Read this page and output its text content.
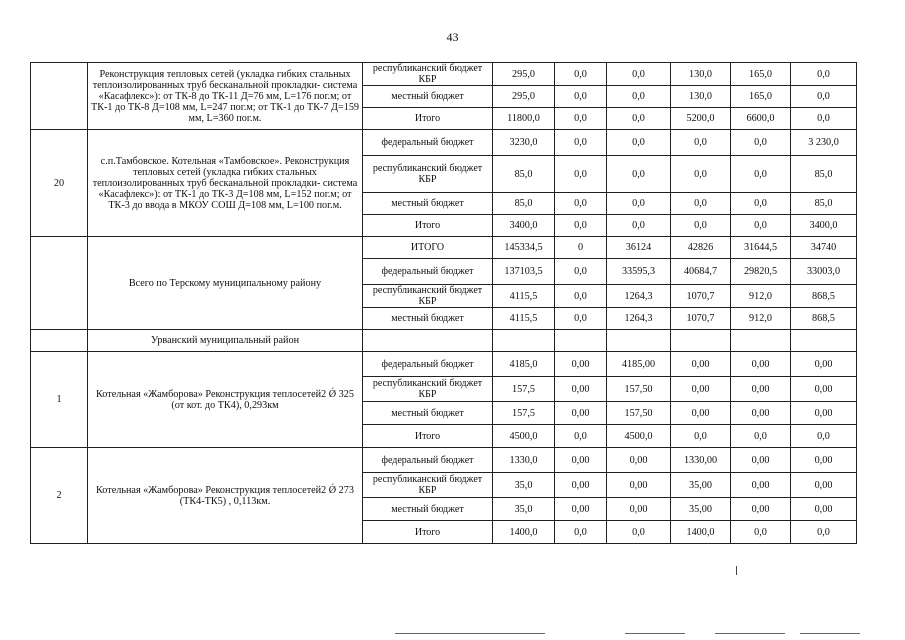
43
	Реконструкция тепловых сетей (укладка гибких стальных теплоизолированных труб бесканальной прокладки- система «Касафлекс»): от ТК-8 до ТК-11 Д=76 мм, L=176 пог.м; от ТК-1 до ТК-8 Д=108 мм, L=247 пог.м; от ТК-1 до ТК-7 Д=159 мм, L=360 пог.м.	республиканский бюджет КБР	295,0	0,0	0,0	130,0	165,0	0,0
		местный бюджет	295,0	0,0	0,0	130,0	165,0	0,0
		Итого	11800,0	0,0	0,0	5200,0	6600,0	0,0
20	с.п.Тамбовское. Котельная «Тамбовское». Реконструкция тепловых сетей (укладка гибких стальных теплоизолированных труб бесканальной прокладки- система «Касафлекс»): от ТК-1 до ТК-3 Д=108 мм, L=152 пог.м; от ТК-3 до ввода в МКОУ СОШ Д=108 мм, L=100 пог.м.	федеральный бюджет	3230,0	0,0	0,0	0,0	0,0	3 230,0
		республиканский бюджет КБР	85,0	0,0	0,0	0,0	0,0	85,0
		местный бюджет	85,0	0,0	0,0	0,0	0,0	85,0
		Итого	3400,0	0,0	0,0	0,0	0,0	3400,0
	Всего по Терскому муниципальному району	ИТОГО	145334,5	0	36124	42826	31644,5	34740
		федеральный бюджет	137103,5	0,0	33595,3	40684,7	29820,5	33003,0
		республиканский бюджет КБР	4115,5	0,0	1264,3	1070,7	912,0	868,5
		местный бюджет	4115,5	0,0	1264,3	1070,7	912,0	868,5
	Урванский муниципальный район							
1	Котельная «Жамборова» Реконструкция теплосетей2 Ǿ 325 (от кот. до ТК4), 0,293км	федеральный бюджет	4185,0	0,00	4185,00	0,00	0,00	0,00
		республиканский бюджет КБР	157,5	0,00	157,50	0,00	0,00	0,00
		местный бюджет	157,5	0,00	157,50	0,00	0,00	0,00
		Итого	4500,0	0,0	4500,0	0,0	0,0	0,0
2	Котельная «Жамборова» Реконструкция теплосетей2 Ǿ 273 (ТК4-ТК5) , 0,113км.	федеральный бюджет	1330,0	0,00	0,00	1330,00	0,00	0,00
		республиканский бюджет КБР	35,0	0,00	0,00	35,00	0,00	0,00
		местный бюджет	35,0	0,00	0,00	35,00	0,00	0,00
		Итого	1400,0	0,0	0,0	1400,0	0,0	0,0
